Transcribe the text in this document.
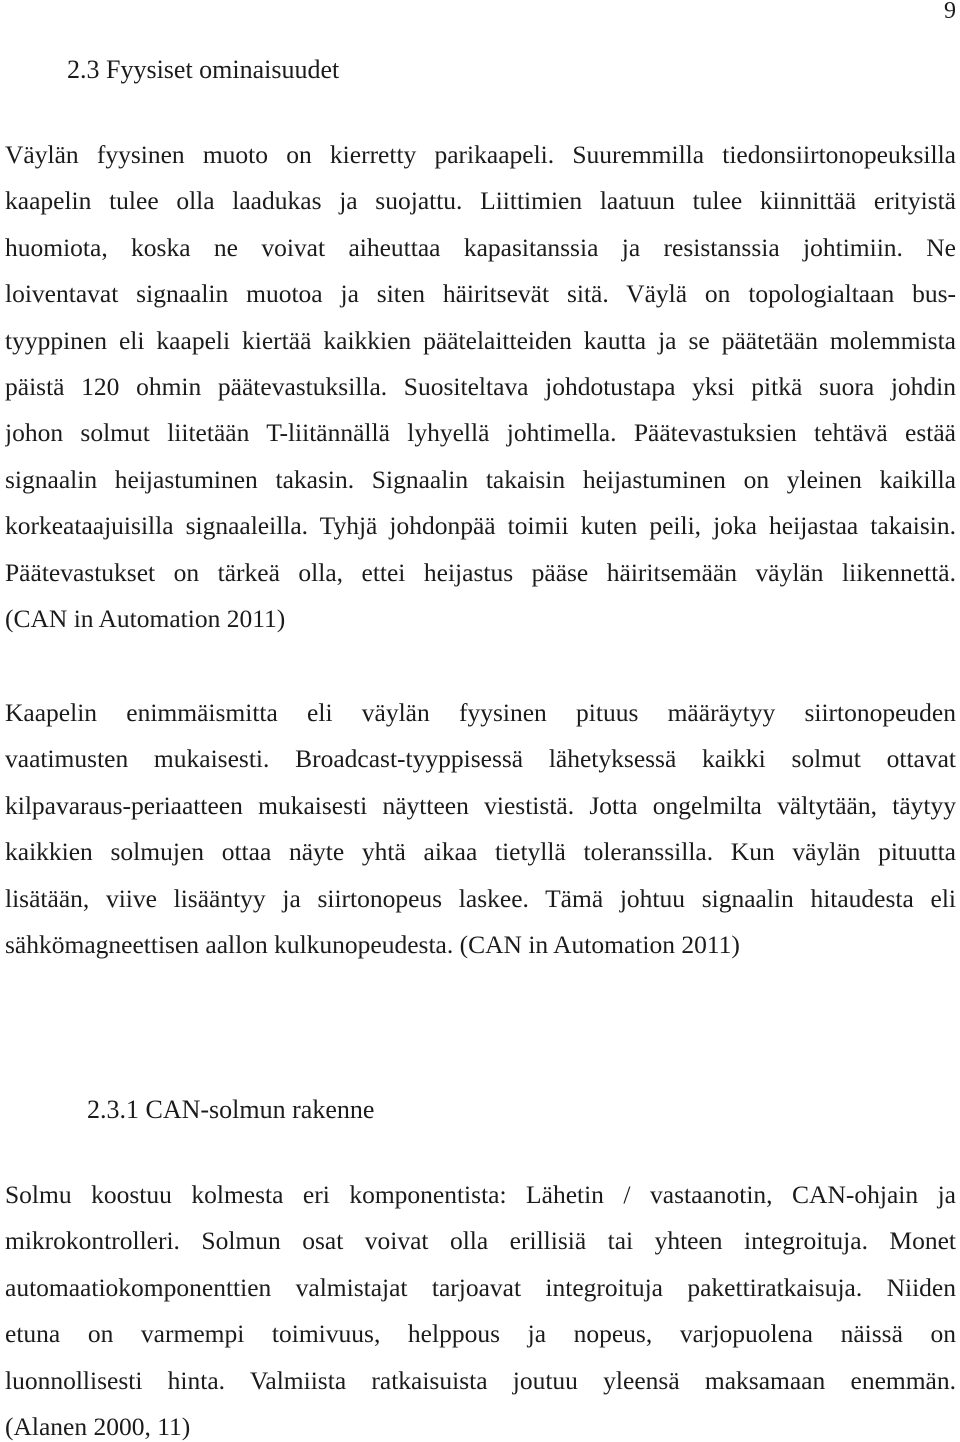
9
2.3 Fyysiset ominaisuudet
Väylän fyysinen muoto on kierretty parikaapeli. Suuremmilla tiedonsiirtonopeuksilla
kaapelin tulee olla laadukas ja suojattu. Liittimien laatuun tulee kiinnittää erityistä
huomiota, koska ne voivat aiheuttaa kapasitanssia ja resistanssia johtimiin. Ne
loiventavat signaalin muotoa ja siten häiritsevät sitä. Väylä on topologialtaan bus-
tyyppinen eli kaapeli kiertää kaikkien päätelaitteiden kautta ja se päätetään molemmista
päistä 120 ohmin päätevastuksilla. Suositeltava johdotustapa yksi pitkä suora johdin
johon solmut liitetään T-liitännällä lyhyellä johtimella. Päätevastuksien tehtävä estää
signaalin heijastuminen takasin. Signaalin takaisin heijastuminen on yleinen kaikilla
korkeataajuisilla signaaleilla. Tyhjä johdonpää toimii kuten peili, joka heijastaa takaisin.
Päätevastukset on tärkeä olla, ettei heijastus pääse häiritsemään väylän liikennettä.
(CAN in Automation 2011)
Kaapelin enimmäismitta eli väylän fyysinen pituus määräytyy siirtonopeuden
vaatimusten mukaisesti. Broadcast-tyyppisessä lähetyksessä kaikki solmut ottavat
kilpavaraus-periaatteen mukaisesti näytteen viestistä. Jotta ongelmilta vältytään, täytyy
kaikkien solmujen ottaa näyte yhtä aikaa tietyllä toleranssilla. Kun väylän pituutta
lisätään, viive lisääntyy ja siirtonopeus laskee. Tämä johtuu signaalin hitaudesta eli
sähkömagneettisen aallon kulkunopeudesta. (CAN in Automation 2011)
2.3.1 CAN-solmun rakenne
Solmu koostuu kolmesta eri komponentista: Lähetin / vastaanotin, CAN-ohjain ja
mikrokontrolleri. Solmun osat voivat olla erillisiä tai yhteen integroituja. Monet
automaatiokomponenttien valmistajat tarjoavat integroituja pakettiratkaisuja. Niiden
etuna on varmempi toimivuus, helppous ja nopeus, varjopuolena näissä on
luonnollisesti hinta. Valmiista ratkaisuista joutuu yleensä maksamaan enemmän.
(Alanen 2000, 11)
